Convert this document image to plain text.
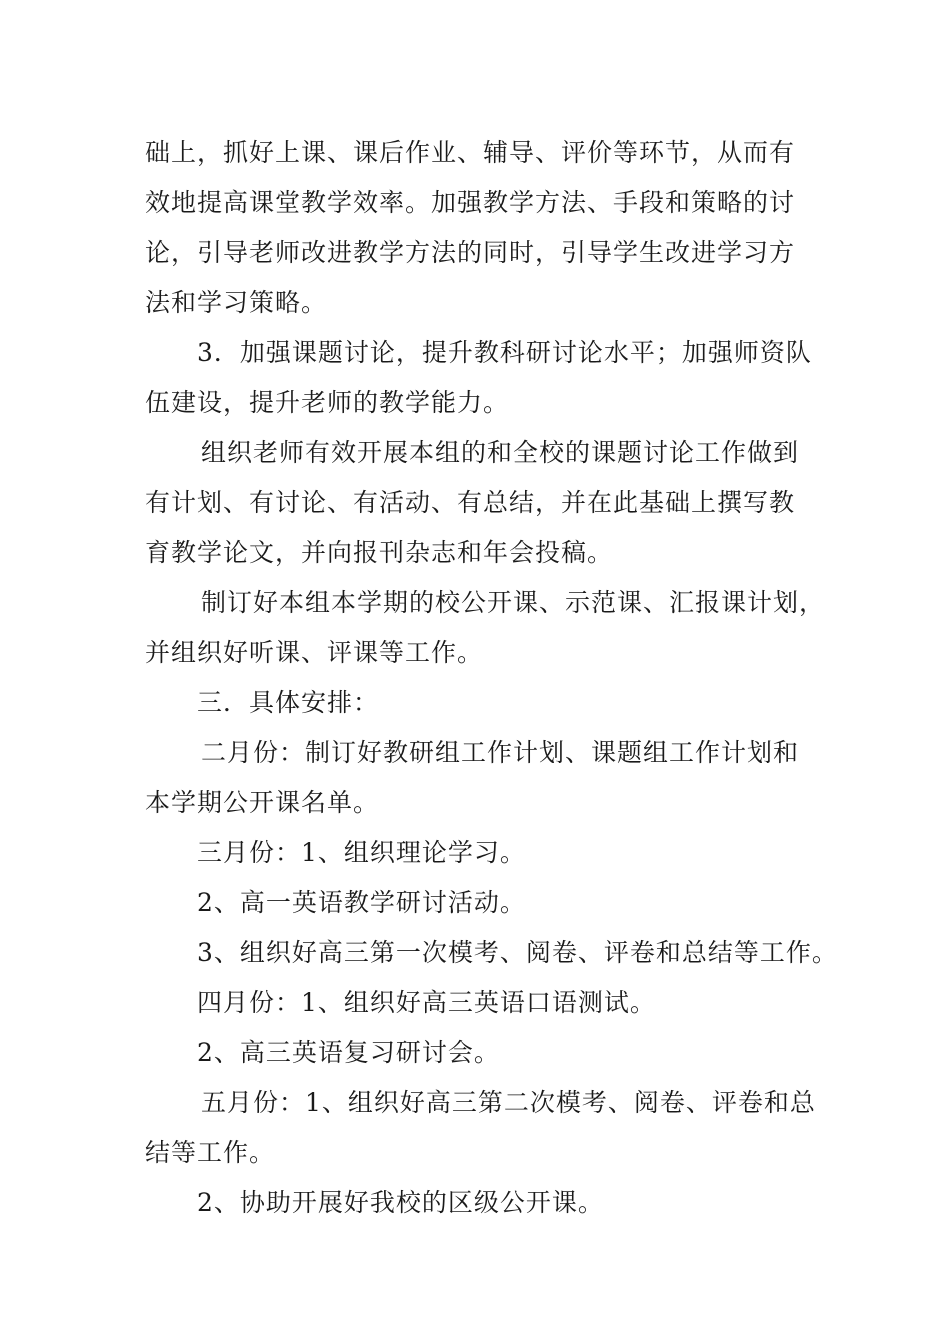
础上，抓好上课、课后作业、辅导、评价等环节，从而有
效地提高课堂教学效率。加强教学方法、手段和策略的讨
论，引导老师改进教学方法的同时，引导学生改进学习方
法和学习策略。
3．加强课题讨论，提升教科研讨论水平；加强师资队
伍建设，提升老师的教学能力。
组织老师有效开展本组的和全校的课题讨论工作做到
有计划、有讨论、有活动、有总结，并在此基础上撰写教
育教学论文，并向报刊杂志和年会投稿。
制订好本组本学期的校公开课、示范课、汇报课计划，
并组织好听课、评课等工作。
三．具体安排：
二月份：制订好教研组工作计划、课题组工作计划和
本学期公开课名单。
三月份：1、组织理论学习。
2、高一英语教学研讨活动。
3、组织好高三第一次模考、阅卷、评卷和总结等工作。
四月份：1、组织好高三英语口语测试。
2、高三英语复习研讨会。
五月份：1、组织好高三第二次模考、阅卷、评卷和总
结等工作。
2、协助开展好我校的区级公开课。
